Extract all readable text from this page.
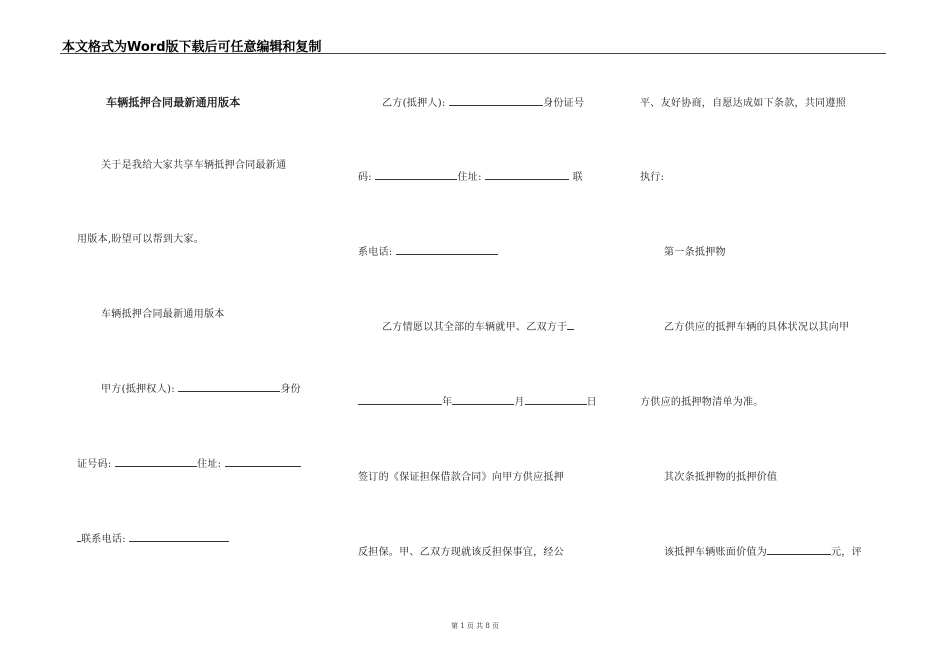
本文格式为Word版下载后可任意编辑和复制
车辆抵押合同最新通用版本
关于是我给大家共享车辆抵押合同最新通
用版本,盼望可以帮到大家。
车辆抵押合同最新通用版本
甲方(抵押权人):	身份
证号码:	住址:
联系电话:
乙方(抵押人):	身份证号
码:	住址:	联
系电话:
乙方情愿以其全部的车辆就甲、乙双方于
年	月	日
签订的《保证担保借款合同》向甲方供应抵押
反担保。甲、乙双方现就该反担保事宜，经公
平、友好协商，自愿达成如下条款，共同遵照
执行:
第一条抵押物
乙方供应的抵押车辆的具体状况以其向甲
方供应的抵押物清单为准。
其次条抵押物的抵押价值
该抵押车辆账面价值为	元，评
第 1 页 共 8 页
